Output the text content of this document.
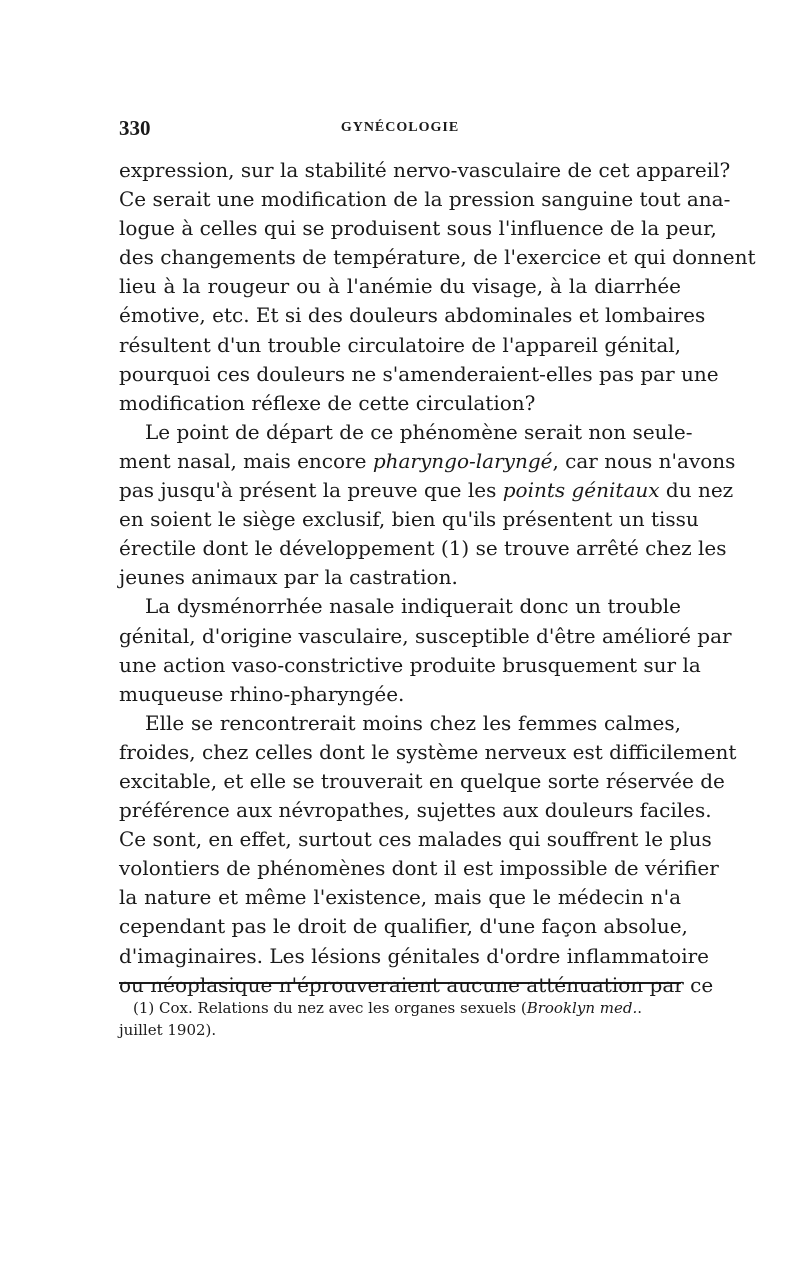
330	GYNÉCOLOGIE
expression, sur la stabilité nervo-vasculaire de cet appareil?
Ce serait une modification de la pression sanguine tout ana-
logue à celles qui se produisent sous l'influence de la peur,
des changements de température, de l'exercice et qui donnent
lieu à la rougeur ou à l'anémie du visage, à la diarrhée
émotive, etc. Et si des douleurs abdominales et lombaires
résultent d'un trouble circulatoire de l'appareil génital,
pourquoi ces douleurs ne s'amenderaient-elles pas par une
modification réflexe de cette circulation?
Le point de départ de ce phénomène serait non seule-
ment nasal, mais encore pharyngo-laryngé, car nous n'avons
pas jusqu'à présent la preuve que les points génitaux du nez
en soient le siège exclusif, bien qu'ils présentent un tissu
érectile dont le développement (1) se trouve arrêté chez les
jeunes animaux par la castration.
La dysménorrhée nasale indiquerait donc un trouble
génital, d'origine vasculaire, susceptible d'être amélioré par
une action vaso-constrictive produite brusquement sur la
muqueuse rhino-pharyngée.
Elle se rencontrerait moins chez les femmes calmes,
froides, chez celles dont le système nerveux est difficilement
excitable, et elle se trouverait en quelque sorte réservée de
préférence aux névropathes, sujettes aux douleurs faciles.
Ce sont, en effet, surtout ces malades qui souffrent le plus
volontiers de phénomènes dont il est impossible de vérifier
la nature et même l'existence, mais que le médecin n'a
cependant pas le droit de qualifier, d'une façon absolue,
d'imaginaires. Les lésions génitales d'ordre inflammatoire
ou néoplasique n'éprouveraient aucune atténuation par ce
(1) Cox. Relations du nez avec les organes sexuels (Brooklyn med..
juillet 1902).
